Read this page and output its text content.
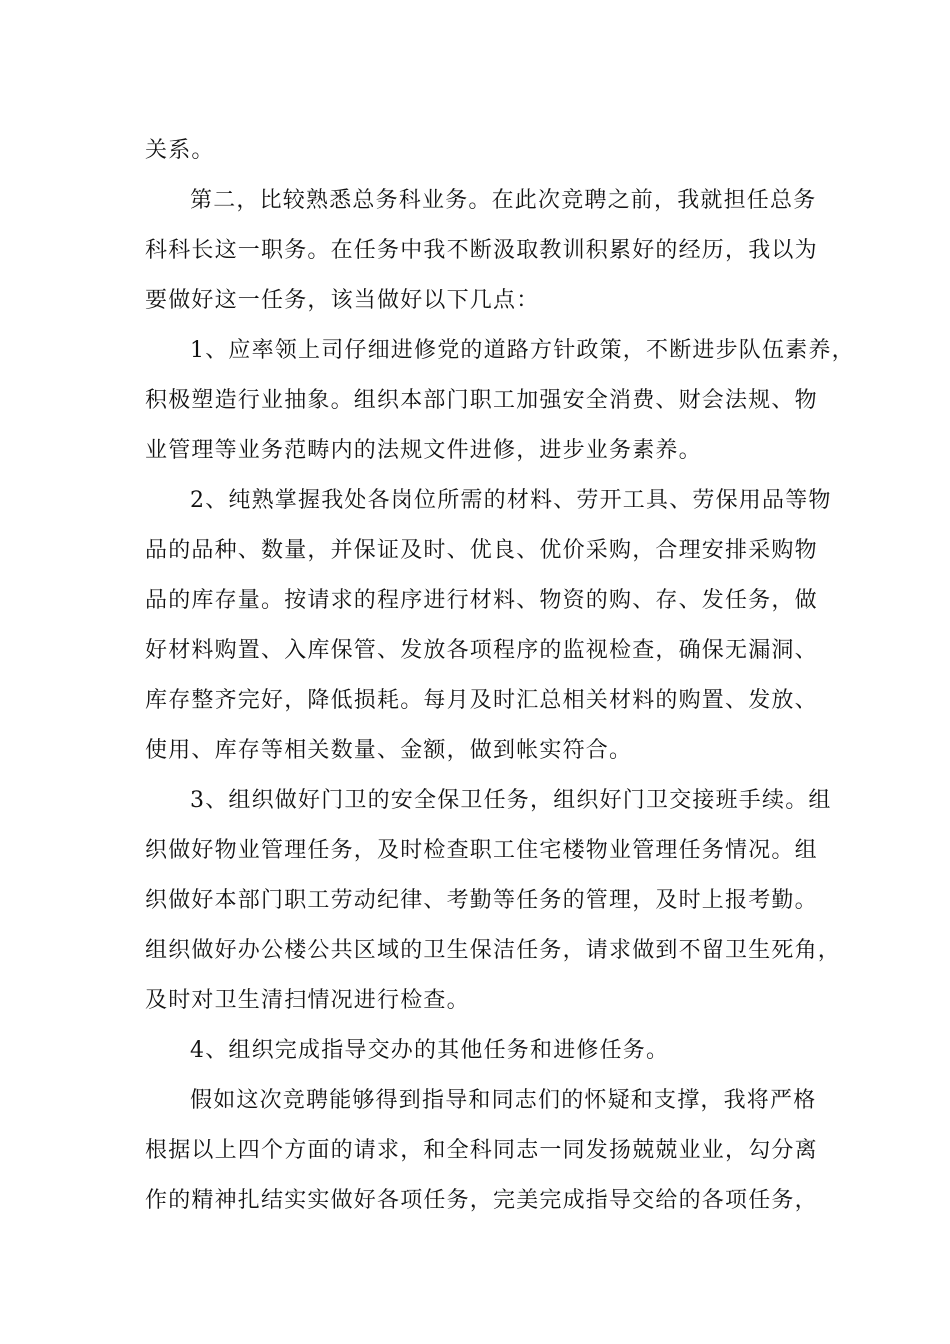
关系。
第二，比较熟悉总务科业务。在此次竞聘之前，我就担任总务
科科长这一职务。在任务中我不断汲取教训积累好的经历，我以为
要做好这一任务，该当做好以下几点：
1、应率领上司仔细进修党的道路方针政策，不断进步队伍素养，
积极塑造行业抽象。组织本部门职工加强安全消费、财会法规、物
业管理等业务范畴内的法规文件进修，进步业务素养。
2、纯熟掌握我处各岗位所需的材料、劳开工具、劳保用品等物
品的品种、数量，并保证及时、优良、优价采购，合理安排采购物
品的库存量。按请求的程序进行材料、物资的购、存、发任务，做
好材料购置、入库保管、发放各项程序的监视检查，确保无漏洞、
库存整齐完好，降低损耗。每月及时汇总相关材料的购置、发放、
使用、库存等相关数量、金额，做到帐实符合。
3、组织做好门卫的安全保卫任务，组织好门卫交接班手续。组
织做好物业管理任务，及时检查职工住宅楼物业管理任务情况。组
织做好本部门职工劳动纪律、考勤等任务的管理，及时上报考勤。
组织做好办公楼公共区域的卫生保洁任务，请求做到不留卫生死角，
及时对卫生清扫情况进行检查。
4、组织完成指导交办的其他任务和进修任务。
假如这次竞聘能够得到指导和同志们的怀疑和支撑，我将严格
根据以上四个方面的请求，和全科同志一同发扬兢兢业业，勾分离
作的精神扎结实实做好各项任务，完美完成指导交给的各项任务，
